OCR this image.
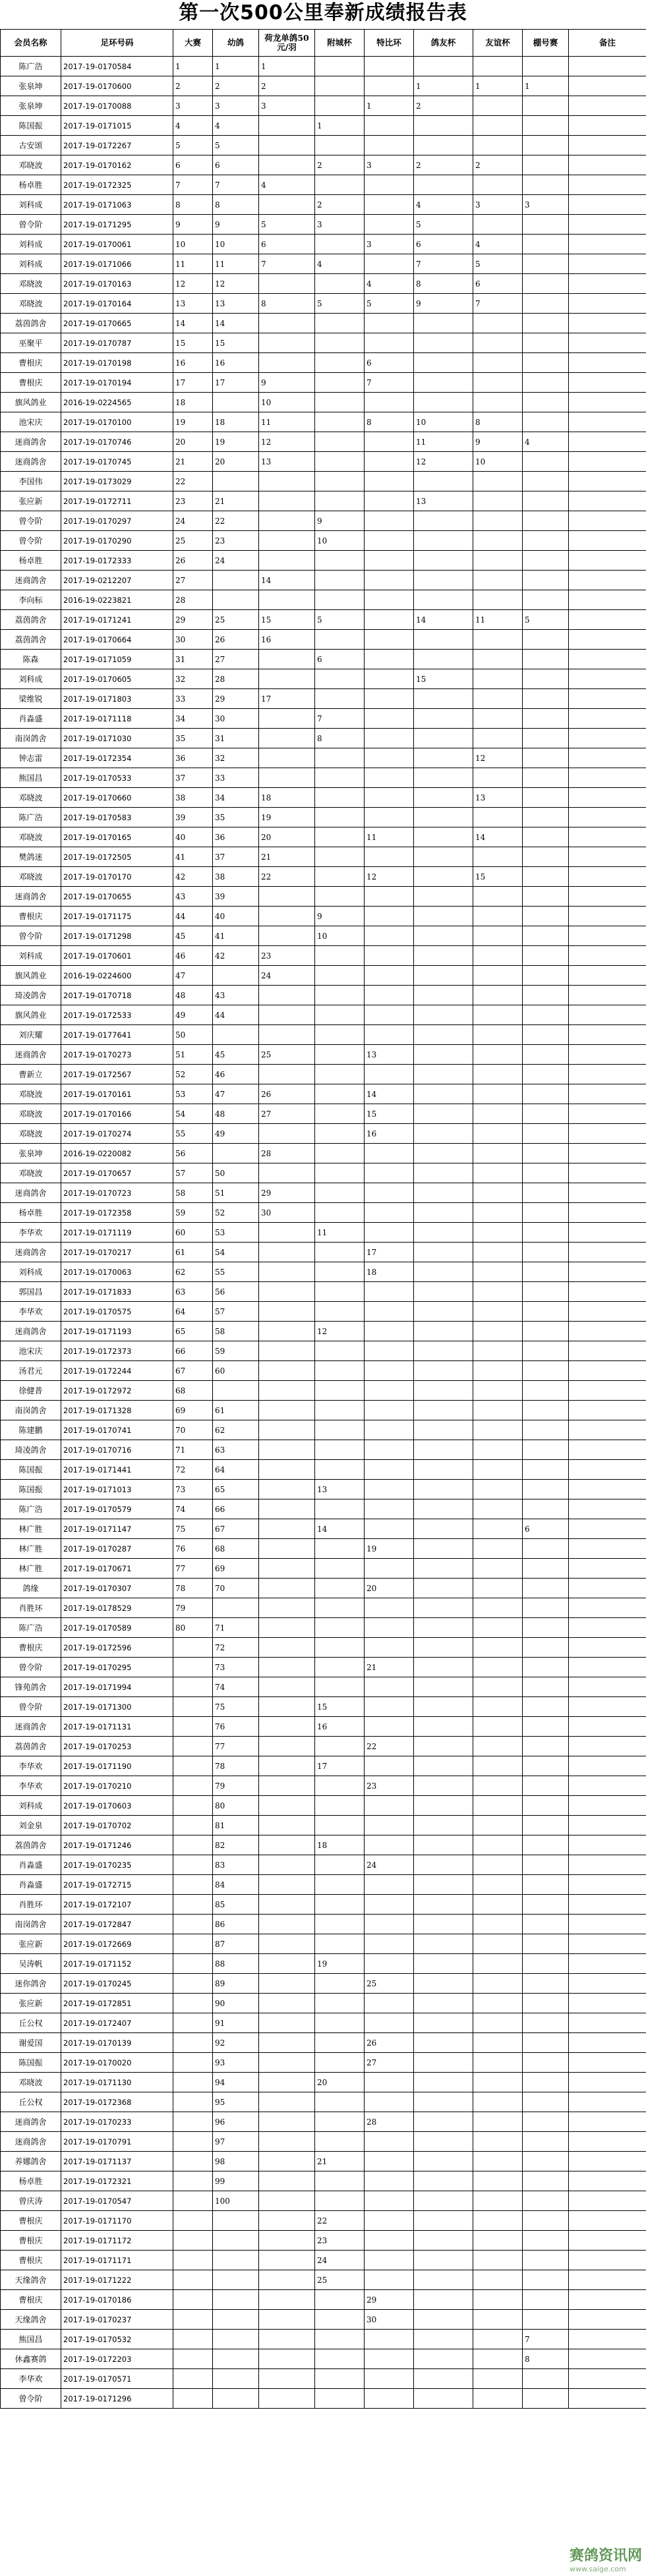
第一次500公里奉新成绩报告表
会员名称	足环号码	大赛	幼鸽	荷龙单鸽50元/羽	附城杯	特比环	鸽友杯	友谊杯	棚号赛	备注
陈广浩	2017-19-0170584	1	1	1						
张泉坤	2017-19-0170600	2	2	2			1	1	1	
张泉坤	2017-19-0170088	3	3	3		1	2			
陈国振	2017-19-0171015	4	4		1					
古安颂	2017-19-0172267	5	5							
邓晓波	2017-19-0170162	6	6		2	3	2	2		
杨卓胜	2017-19-0172325	7	7	4						
刘科成	2017-19-0171063	8	8		2		4	3	3	
曾令阶	2017-19-0171295	9	9	5	3		5			
刘科成	2017-19-0170061	10	10	6		3	6	4		
刘科成	2017-19-0171066	11	11	7	4		7	5		
邓晓波	2017-19-0170163	12	12			4	8	6		
邓晓波	2017-19-0170164	13	13	8	5	5	9	7		
荔茵鸽舍	2017-19-0170665	14	14							
巫聚平	2017-19-0170787	15	15							
曹根庆	2017-19-0170198	16	16			6				
曹根庆	2017-19-0170194	17	17	9		7				
旗风鸽业	2016-19-0224565	18		10						
池宋庆	2017-19-0170100	19	18	11		8	10	8		
迷商鸽舍	2017-19-0170746	20	19	12			11	9	4	
迷商鸽舍	2017-19-0170745	21	20	13			12	10		
李国伟	2017-19-0173029	22								
张应新	2017-19-0172711	23	21				13			
曾令阶	2017-19-0170297	24	22		9					
曾令阶	2017-19-0170290	25	23		10					
杨卓胜	2017-19-0172333	26	24							
迷商鸽舍	2017-19-0212207	27		14						
李向标	2016-19-0223821	28								
荔茵鸽舍	2017-19-0171241	29	25	15	5		14	11	5	
荔茵鸽舍	2017-19-0170664	30	26	16						
陈森	2017-19-0171059	31	27		6					
刘科成	2017-19-0170605	32	28				15			
梁维锐	2017-19-0171803	33	29	17						
肖淼盛	2017-19-0171118	34	30		7					
南岗鸽舍	2017-19-0171030	35	31		8					
钟志雷	2017-19-0172354	36	32					12		
熊国昌	2017-19-0170533	37	33							
邓晓波	2017-19-0170660	38	34	18				13		
陈广浩	2017-19-0170583	39	35	19						
邓晓波	2017-19-0170165	40	36	20		11		14		
樊鸽迷	2017-19-0172505	41	37	21						
邓晓波	2017-19-0170170	42	38	22		12		15		
迷商鸽舍	2017-19-0170655	43	39							
曹根庆	2017-19-0171175	44	40		9					
曾令阶	2017-19-0171298	45	41		10					
刘科成	2017-19-0170601	46	42	23						
旗风鸽业	2016-19-0224600	47		24						
琦凌鸽舍	2017-19-0170718	48	43							
旗风鸽业	2017-19-0172533	49	44							
刘庆耀	2017-19-0177641	50								
迷商鸽舍	2017-19-0170273	51	45	25		13				
曹新立	2017-19-0172567	52	46							
邓晓波	2017-19-0170161	53	47	26		14				
邓晓波	2017-19-0170166	54	48	27		15				
邓晓波	2017-19-0170274	55	49			16				
张泉坤	2016-19-0220082	56		28						
邓晓波	2017-19-0170657	57	50							
迷商鸽舍	2017-19-0170723	58	51	29						
杨卓胜	2017-19-0172358	59	52	30						
李华欢	2017-19-0171119	60	53		11					
迷商鸽舍	2017-19-0170217	61	54			17				
刘科成	2017-19-0170063	62	55			18				
郭国昌	2017-19-0171833	63	56							
李华欢	2017-19-0170575	64	57							
迷商鸽舍	2017-19-0171193	65	58		12					
池宋庆	2017-19-0172373	66	59							
汤君元	2017-19-0172244	67	60							
徐健普	2017-19-0172972	68								
南岗鸽舍	2017-19-0171328	69	61							
陈建鹏	2017-19-0170741	70	62							
琦凌鸽舍	2017-19-0170716	71	63							
陈国振	2017-19-0171441	72	64							
陈国振	2017-19-0171013	73	65		13					
陈广浩	2017-19-0170579	74	66							
林广胜	2017-19-0171147	75	67		14				6	
林广胜	2017-19-0170287	76	68			19				
林广胜	2017-19-0170671	77	69							
鸽缘	2017-19-0170307	78	70			20				
肖胜环	2017-19-0178529	79								
陈广浩	2017-19-0170589	80	71							
曹根庆	2017-19-0172596		72							
曾令阶	2017-19-0170295		73			21				
锋苑鸽舍	2017-19-0171994		74							
曾令阶	2017-19-0171300		75		15					
迷商鸽舍	2017-19-0171131		76		16					
荔茵鸽舍	2017-19-0170253		77			22				
李华欢	2017-19-0171190		78		17					
李华欢	2017-19-0170210		79			23				
刘科成	2017-19-0170603		80							
刘金泉	2017-19-0170702		81							
荔茵鸽舍	2017-19-0171246		82		18					
肖淼盛	2017-19-0170235		83			24				
肖淼盛	2017-19-0172715		84							
肖胜环	2017-19-0172107		85							
南岗鸽舍	2017-19-0172847		86							
张应新	2017-19-0172669		87							
吴涛帆	2017-19-0171152		88		19					
迷你鸽舍	2017-19-0170245		89			25				
张应新	2017-19-0172851		90							
丘公权	2017-19-0172407		91							
谢爱国	2017-19-0170139		92			26				
陈国振	2017-19-0170020		93			27				
邓晓波	2017-19-0171130		94		20					
丘公权	2017-19-0172368		95							
迷商鸽舍	2017-19-0170233		96			28				
迷商鸽舍	2017-19-0170791		97							
养娜鸽舍	2017-19-0171137		98		21					
杨卓胜	2017-19-0172321		99							
曾庆涛	2017-19-0170547		100							
曹根庆	2017-19-0171170				22					
曹根庆	2017-19-0171172				23					
曹根庆	2017-19-0171171				24					
天缘鸽舍	2017-19-0171222				25					
曹根庆	2017-19-0170186					29				
天缘鸽舍	2017-19-0170237					30				
熊国昌	2017-19-0170532								7	
休鑫赛鸽	2017-19-0172203								8	
李华欢	2017-19-0170571									
曾令阶	2017-19-0171296									
赛鸽资讯网
www.saige.com
